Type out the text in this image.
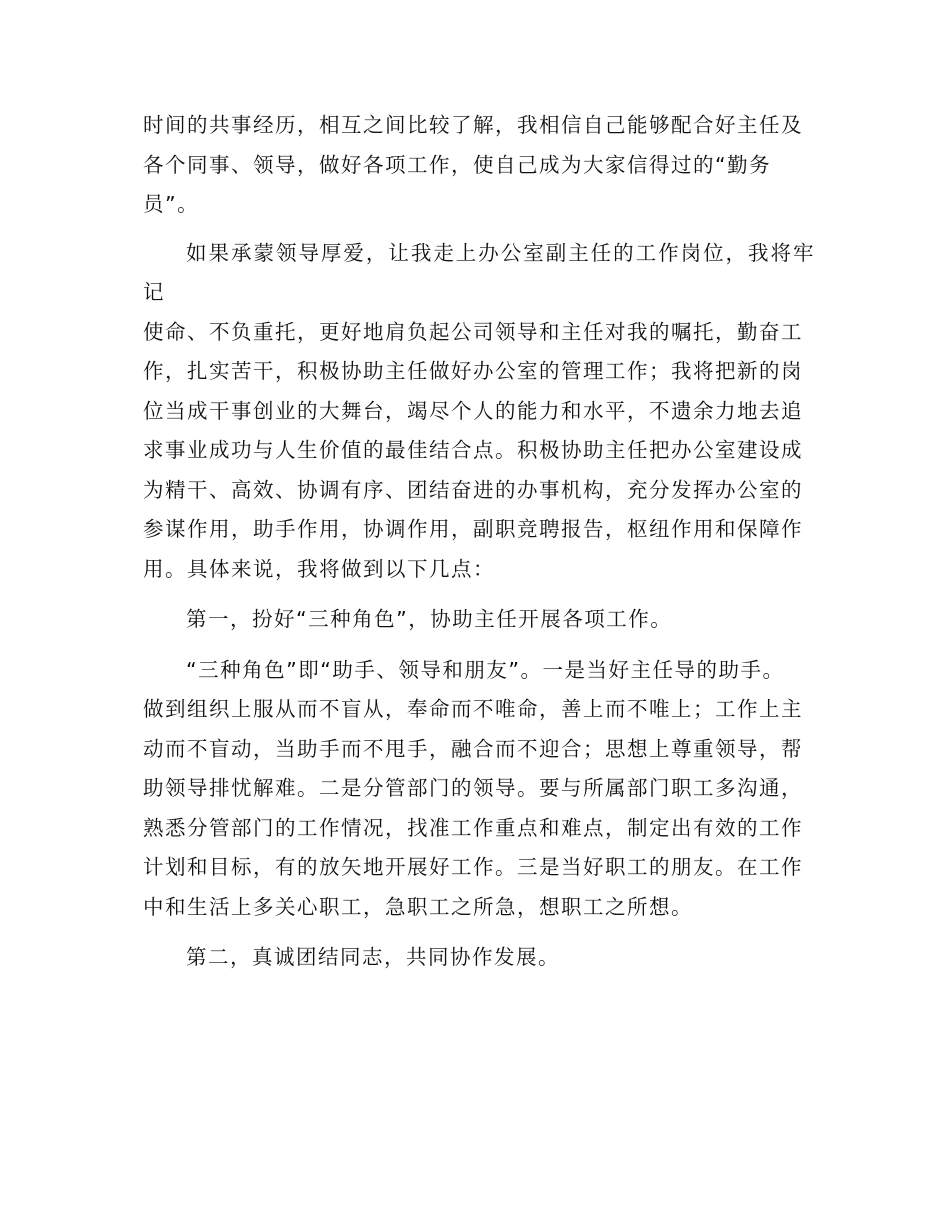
时间的共事经历，相互之间比较了解，我相信自己能够配合好主任及
各个同事、领导，做好各项工作，使自己成为大家信得过的“勤务
员”。

如果承蒙领导厚爱，让我走上办公室副主任的工作岗位，我将牢记
使命、不负重托，更好地肩负起公司领导和主任对我的嘱托，勤奋工
作，扎实苦干，积极协助主任做好办公室的管理工作；我将把新的岗
位当成干事创业的大舞台，竭尽个人的能力和水平，不遗余力地去追
求事业成功与人生价值的最佳结合点。积极协助主任把办公室建设成
为精干、高效、协调有序、团结奋进的办事机构，充分发挥办公室的
参谋作用，助手作用，协调作用，副职竞聘报告，枢纽作用和保障作
用。具体来说，我将做到以下几点：

第一，扮好“三种角色”，协助主任开展各项工作。

“三种角色”即“助手、领导和朋友”。一是当好主任导的助手。
做到组织上服从而不盲从，奉命而不唯命，善上而不唯上；工作上主
动而不盲动，当助手而不甩手，融合而不迎合；思想上尊重领导，帮
助领导排忧解难。二是分管部门的领导。要与所属部门职工多沟通，
熟悉分管部门的工作情况，找准工作重点和难点，制定出有效的工作
计划和目标，有的放矢地开展好工作。三是当好职工的朋友。在工作
中和生活上多关心职工，急职工之所急，想职工之所想。

第二，真诚团结同志，共同协作发展。
